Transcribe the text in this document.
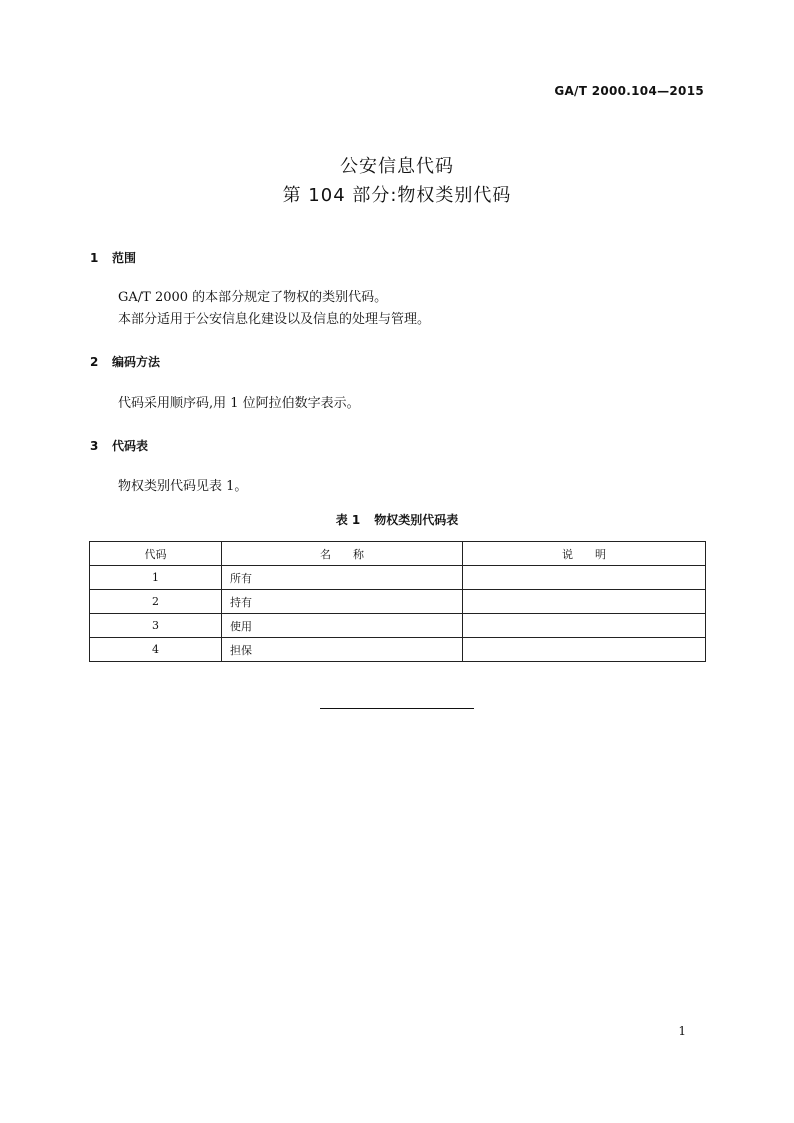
GA/T 2000.104—2015
公安信息代码
第 104 部分:物权类别代码
1 范围
GA/T 2000 的本部分规定了物权的类别代码。
本部分适用于公安信息化建设以及信息的处理与管理。
2 编码方法
代码采用顺序码,用 1 位阿拉伯数字表示。
3 代码表
物权类别代码见表 1。
表 1 物权类别代码表
代码	名　　称	说　　明
1	所有	
2	持有	
3	使用	
4	担保	
1
